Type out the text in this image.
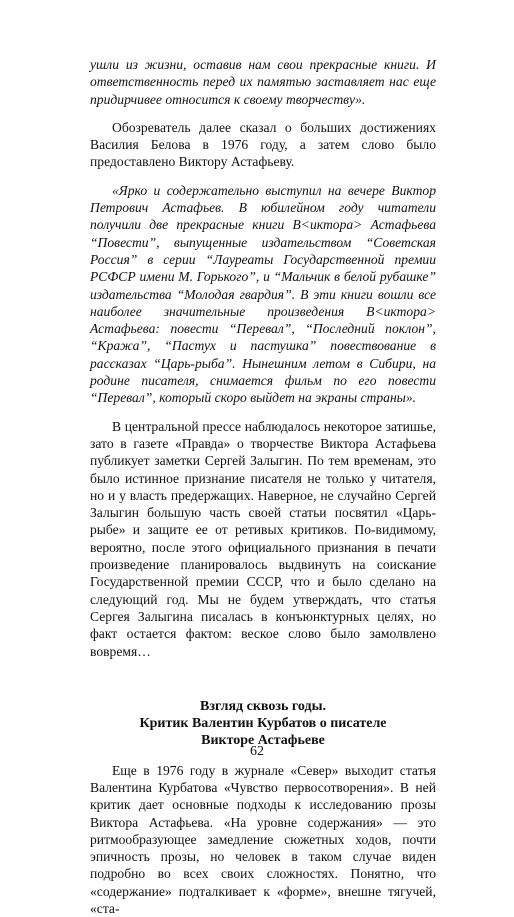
ушли из жизни, оставив нам свои прекрасные книги. И ответственность перед их памятью заставляет нас еще придирчивее относится к своему творчеству».

Обозреватель далее сказал о больших достижениях Василия Белова в 1976 году, а затем слово было предоставлено Виктору Астафьеву.

«Ярко и содержательно выступил на вечере Виктор Петрович Астафьев. В юбилейном году читатели получили две прекрасные книги В<иктора> Астафьева “Повести”, выпущенные издательством “Советская Россия” в серии “Лауреаты Государственной премии РСФСР имени М. Горького”, и “Мальчик в белой рубашке” издательства “Молодая гвардия”. В эти книги вошли все наиболее значительные произведения В<иктора> Астафьева: повести “Перевал”, “Последний поклон”, “Кража”, “Пастух и пастушка” повествование в рассказах “Царь-рыба”. Нынешним летом в Сибири, на родине писателя, снимается фильм по его повести “Перевал”, который скоро выйдет на экраны страны».

В центральной прессе наблюдалось некоторое затишье, зато в газете «Правда» о творчестве Виктора Астафьева публикует заметки Сергей Залыгин. По тем временам, это было истинное признание писателя не только у читателя, но и у власть предержащих. Наверное, не случайно Сергей Залыгин большую часть своей статьи посвятил «Царь-рыбе» и защите ее от ретивых критиков. По-видимому, вероятно, после этого официального признания в печати произведение планировалось выдвинуть на соискание Государственной премии СССР, что и было сделано на следующий год. Мы не будем утверждать, что статья Сергея Залыгина писалась в конъюнктурных целях, но факт остается фактом: веское слово было замолвлено вовремя…

Взгляд сквозь годы.
Критик Валентин Курбатов о писателе
Викторе Астафьеве

Еще в 1976 году в журнале «Север» выходит статья Валентина Курбатова «Чувство первосотворения». В ней критик дает основные подходы к исследованию прозы Виктора Астафьева. «На уровне содержания» — это ритмообразующее замедление сюжетных ходов, почти эпичность прозы, но человек в таком случае виден подробно во всех своих сложностях. Понятно, что «содержание» подталкивает к «форме», внешне тягучей, «ста-

62
